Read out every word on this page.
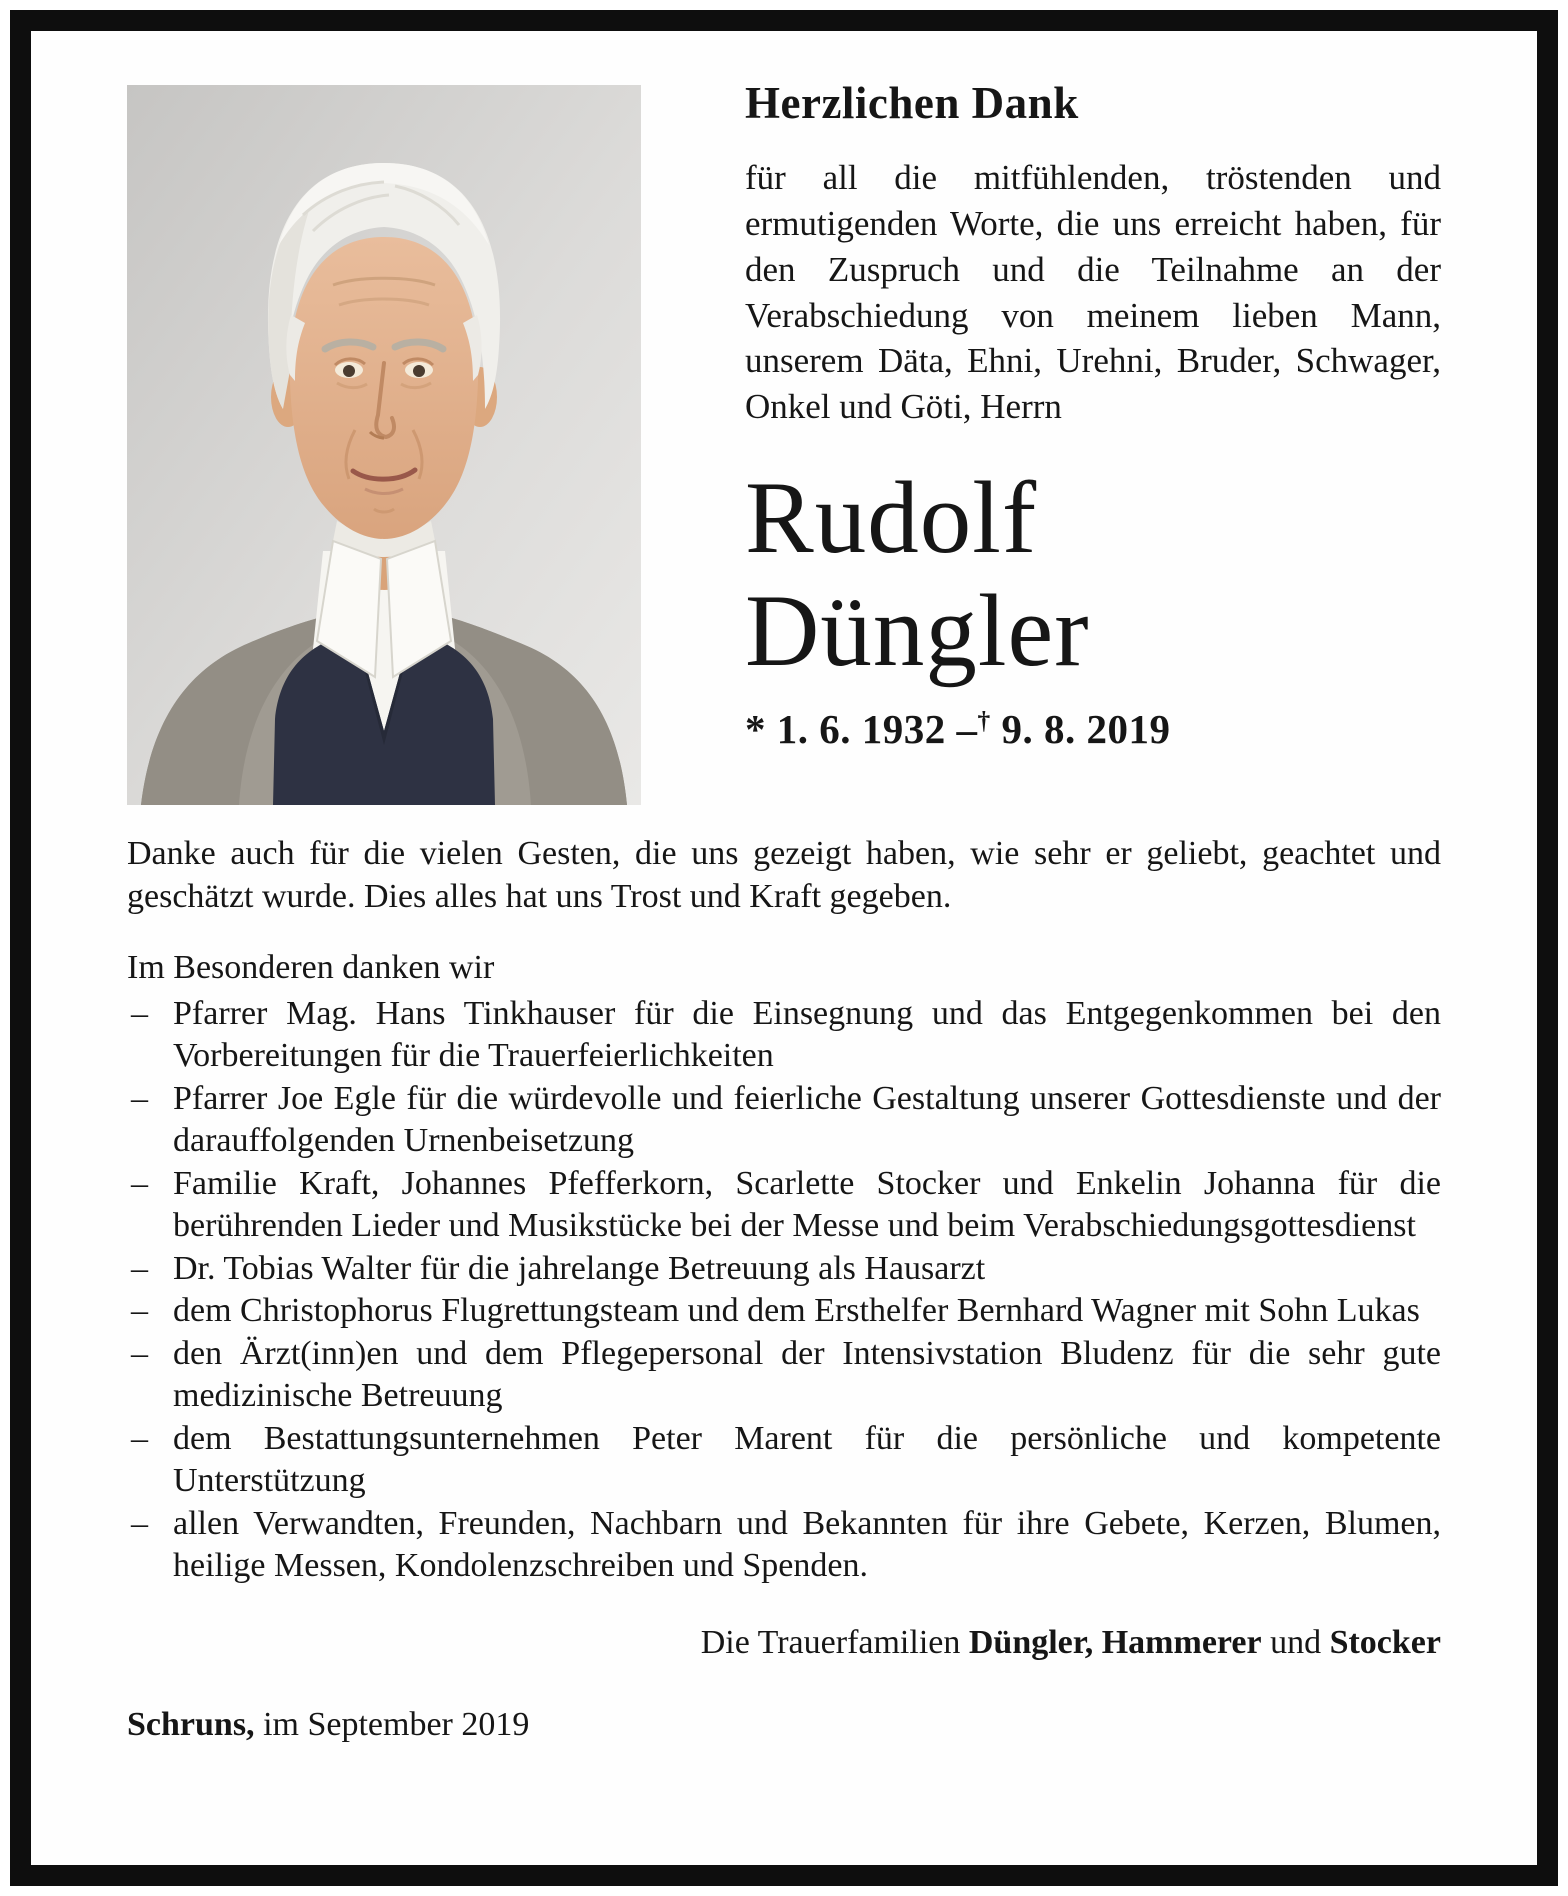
Herzlichen Dank

für all die mitfühlenden, tröstenden und ermutigenden Worte, die uns erreicht haben, für den Zuspruch und die Teilnahme an der Verabschiedung von meinem lieben Mann, unserem Däta, Ehni, Urehni, Bruder, Schwager, Onkel und Göti, Herrn

Rudolf
Düngler
* 1. 6. 1932 –† 9. 8. 2019

Danke auch für die vielen Gesten, die uns gezeigt haben, wie sehr er geliebt, geachtet und geschätzt wurde. Dies alles hat uns Trost und Kraft gegeben.

Im Besonderen danken wir

– Pfarrer Mag. Hans Tinkhauser für die Einsegnung und das Entgegenkommen bei den Vorbereitungen für die Trauerfeierlichkeiten
– Pfarrer Joe Egle für die würdevolle und feierliche Gestaltung unserer Gottesdienste und der darauffolgenden Urnenbeisetzung
– Familie Kraft, Johannes Pfefferkorn, Scarlette Stocker und Enkelin Johanna für die berührenden Lieder und Musikstücke bei der Messe und beim Verabschiedungsgottesdienst
– Dr. Tobias Walter für die jahrelange Betreuung als Hausarzt
– dem Christophorus Flugrettungsteam und dem Ersthelfer Bernhard Wagner mit Sohn Lukas
– den Ärzt(inn)en und dem Pflegepersonal der Intensivstation Bludenz für die sehr gute medizinische Betreuung
– dem Bestattungsunternehmen Peter Marent für die persönliche und kompetente Unterstützung
– allen Verwandten, Freunden, Nachbarn und Bekannten für ihre Gebete, Kerzen, Blumen, heilige Messen, Kondolenzschreiben und Spenden.

Die Trauerfamilien Düngler, Hammerer und Stocker

Schruns, im September 2019
